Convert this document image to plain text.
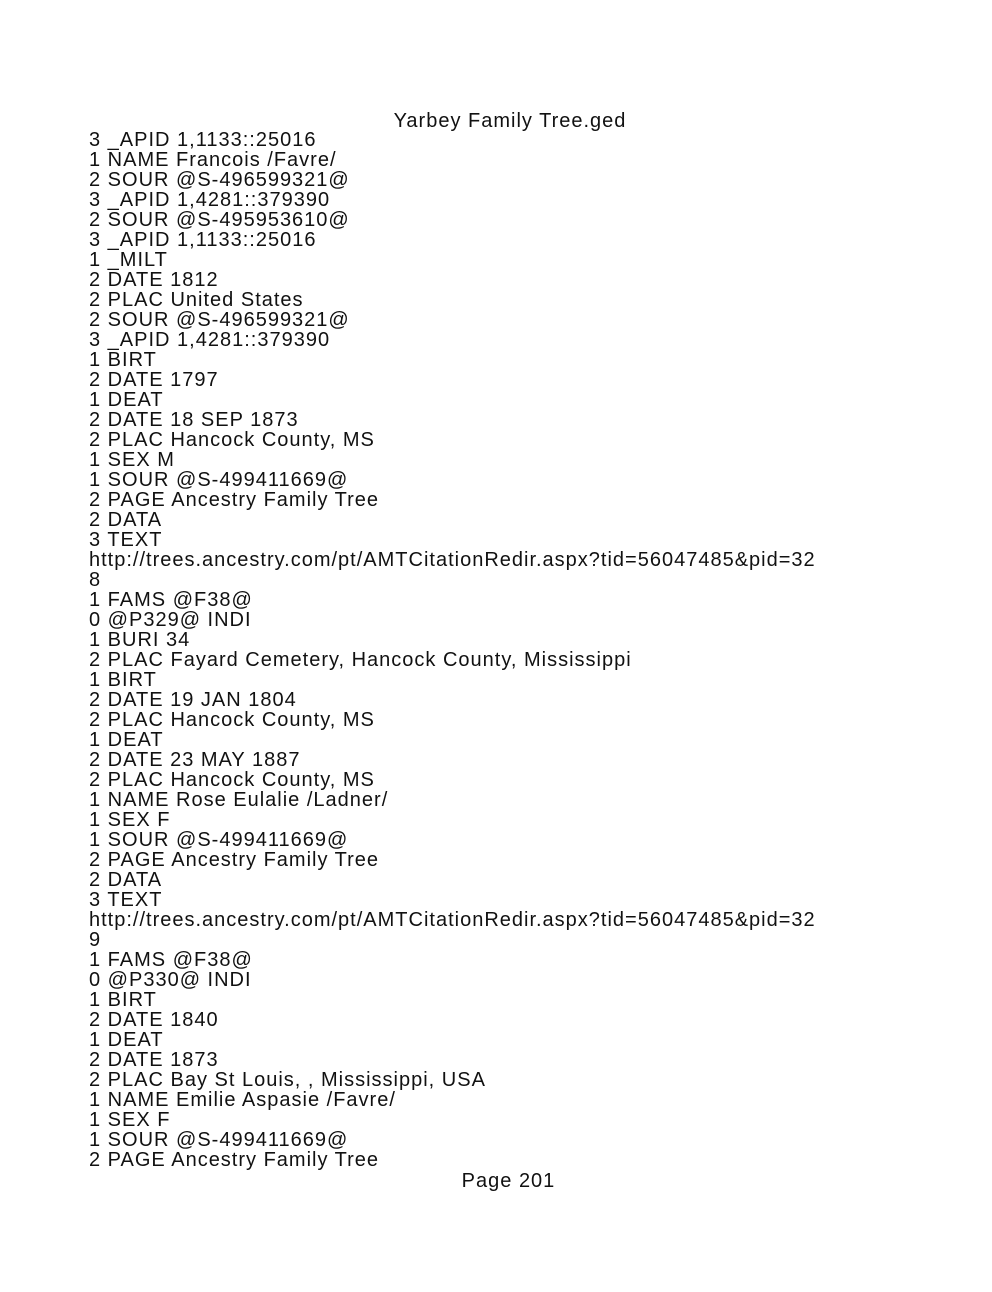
Yarbey Family Tree.ged
3 _APID 1,1133::25016
1 NAME Francois /Favre/
2 SOUR @S-496599321@
3 _APID 1,4281::379390
2 SOUR @S-495953610@
3 _APID 1,1133::25016
1 _MILT
2 DATE 1812
2 PLAC United States
2 SOUR @S-496599321@
3 _APID 1,4281::379390
1 BIRT
2 DATE 1797
1 DEAT
2 DATE 18 SEP 1873
2 PLAC Hancock County, MS
1 SEX M
1 SOUR @S-499411669@
2 PAGE Ancestry Family Tree
2 DATA
3 TEXT
http://trees.ancestry.com/pt/AMTCitationRedir.aspx?tid=56047485&pid=32
8
1 FAMS @F38@
0 @P329@ INDI
1 BURI 34
2 PLAC Fayard Cemetery, Hancock County, Mississippi
1 BIRT
2 DATE 19 JAN 1804
2 PLAC Hancock County, MS
1 DEAT
2 DATE 23 MAY 1887
2 PLAC Hancock County, MS
1 NAME Rose Eulalie /Ladner/
1 SEX F
1 SOUR @S-499411669@
2 PAGE Ancestry Family Tree
2 DATA
3 TEXT
http://trees.ancestry.com/pt/AMTCitationRedir.aspx?tid=56047485&pid=32
9
1 FAMS @F38@
0 @P330@ INDI
1 BIRT
2 DATE 1840
1 DEAT
2 DATE 1873
2 PLAC Bay St Louis, , Mississippi, USA
1 NAME Emilie Aspasie /Favre/
1 SEX F
1 SOUR @S-499411669@
2 PAGE Ancestry Family Tree
Page 201
